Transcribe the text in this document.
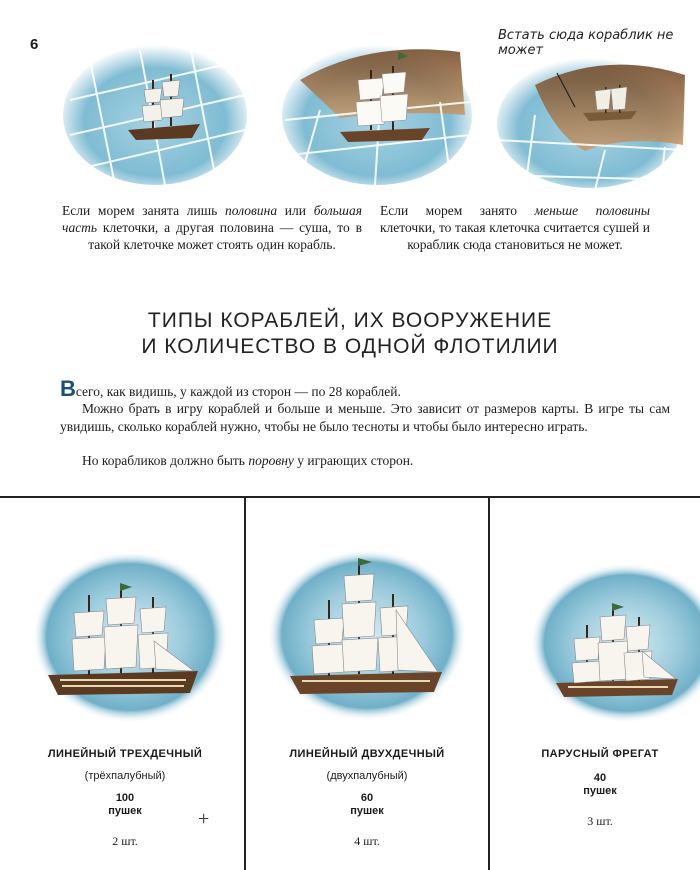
6
Встать сюда кораблик не может
Если морем занята лишь половина или большая часть клеточки, а другая половина — суша, то в такой клеточке может стоять один корабль.
Если морем занято меньше половины клеточки, то такая клеточка считается сушей и кораблик сюда становиться не может.
ТИПЫ КОРАБЛЕЙ, ИХ ВООРУЖЕНИЕ
И КОЛИЧЕСТВО В ОДНОЙ ФЛОТИЛИИ
Всего, как видишь, у каждой из сторон — по 28 кораблей.
Можно брать в игру кораблей и больше и меньше. Это зависит от размеров карты. В игре ты сам увидишь, сколько кораблей нужно, чтобы не было тесноты и чтобы было интересно играть.
Но корабликов должно быть поровну у играющих сторон.
ЛИНЕЙНЫЙ ТРЕХДЕЧНЫЙ
(трёхпалубный)
100
пушек
2 шт.
ЛИНЕЙНЫЙ ДВУХДЕЧНЫЙ
(двухпалубный)
60
пушек
4 шт.
ПАРУСНЫЙ ФРЕГАТ
40
пушек
3 шт.
+
